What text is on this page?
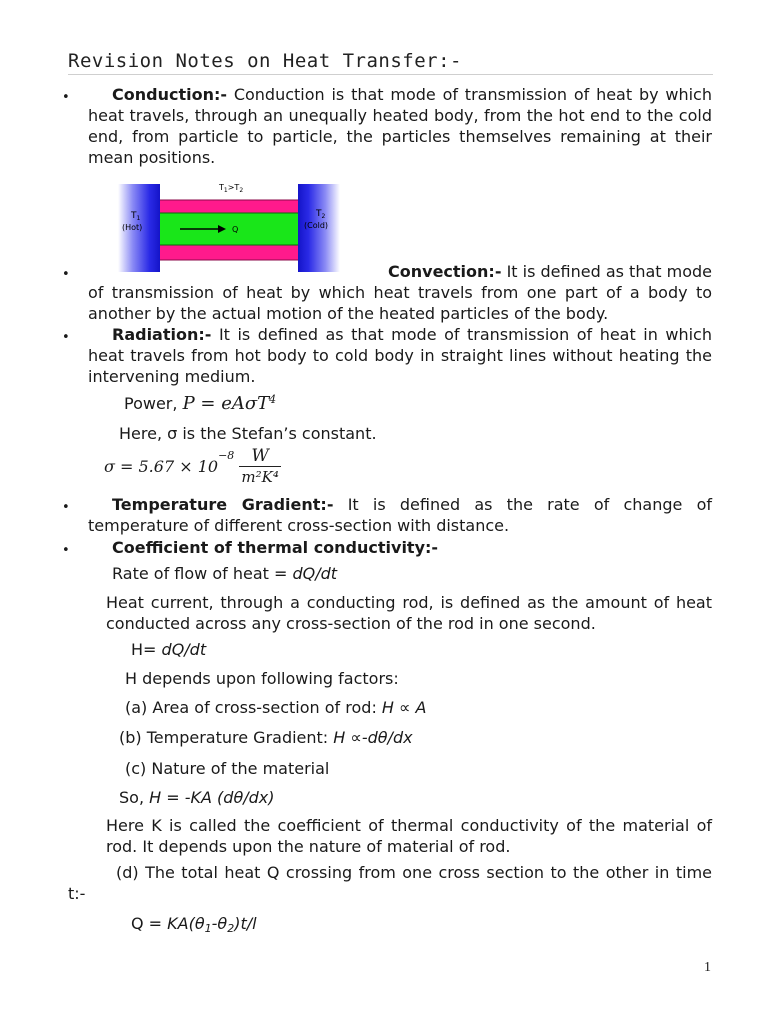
Revision Notes on Heat Transfer:-
•	Conduction:- Conduction is that mode of transmission of heat by which heat travels, through an unequally heated body, from the hot end to the cold end, from particle to particle, the particles themselves remaining at their mean positions.

$T_1>T_2$
$T_1$
(Hot)
$T_2$
(Cold)
Q
•	Convection:- It is defined as that mode
of transmission of heat by which heat travels from one part of a body to another by the actual motion of the heated particles of the body.

•	Radiation:- It is defined as that mode of transmission of heat in which heat travels from hot body to cold body in straight lines without heating the intervening medium.

Power, P = eAσT$^4$
Here, σ is the Stefan’s constant.
$\sigma = 5.67 \times 10^{-8} \frac{W}{\text{m²K⁴}}$
•	Temperature Gradient:- It is defined as the rate of change of temperature of different cross-section with distance.

•	Coefficient of thermal conductivity:-
Rate of flow of heat = dQ/dt

Heat current, through a conducting rod, is defined as the amount of heat conducted across any cross-section of the rod in one second.

H= dQ/dt
H depends upon following factors:
(a) Area of cross-section of rod: H ∝ A
(b) Temperature Gradient: H ∝-dθ/dx
(c) Nature of the material
So, H = -KA (dθ/dx)

Here K is called the coefficient of thermal conductivity of the material of rod. It depends upon the nature of material of rod.

(d) The total heat Q crossing from one cross section to the other in time t:-

$Q = KA(\theta_1-\theta_2)t/l$
1
